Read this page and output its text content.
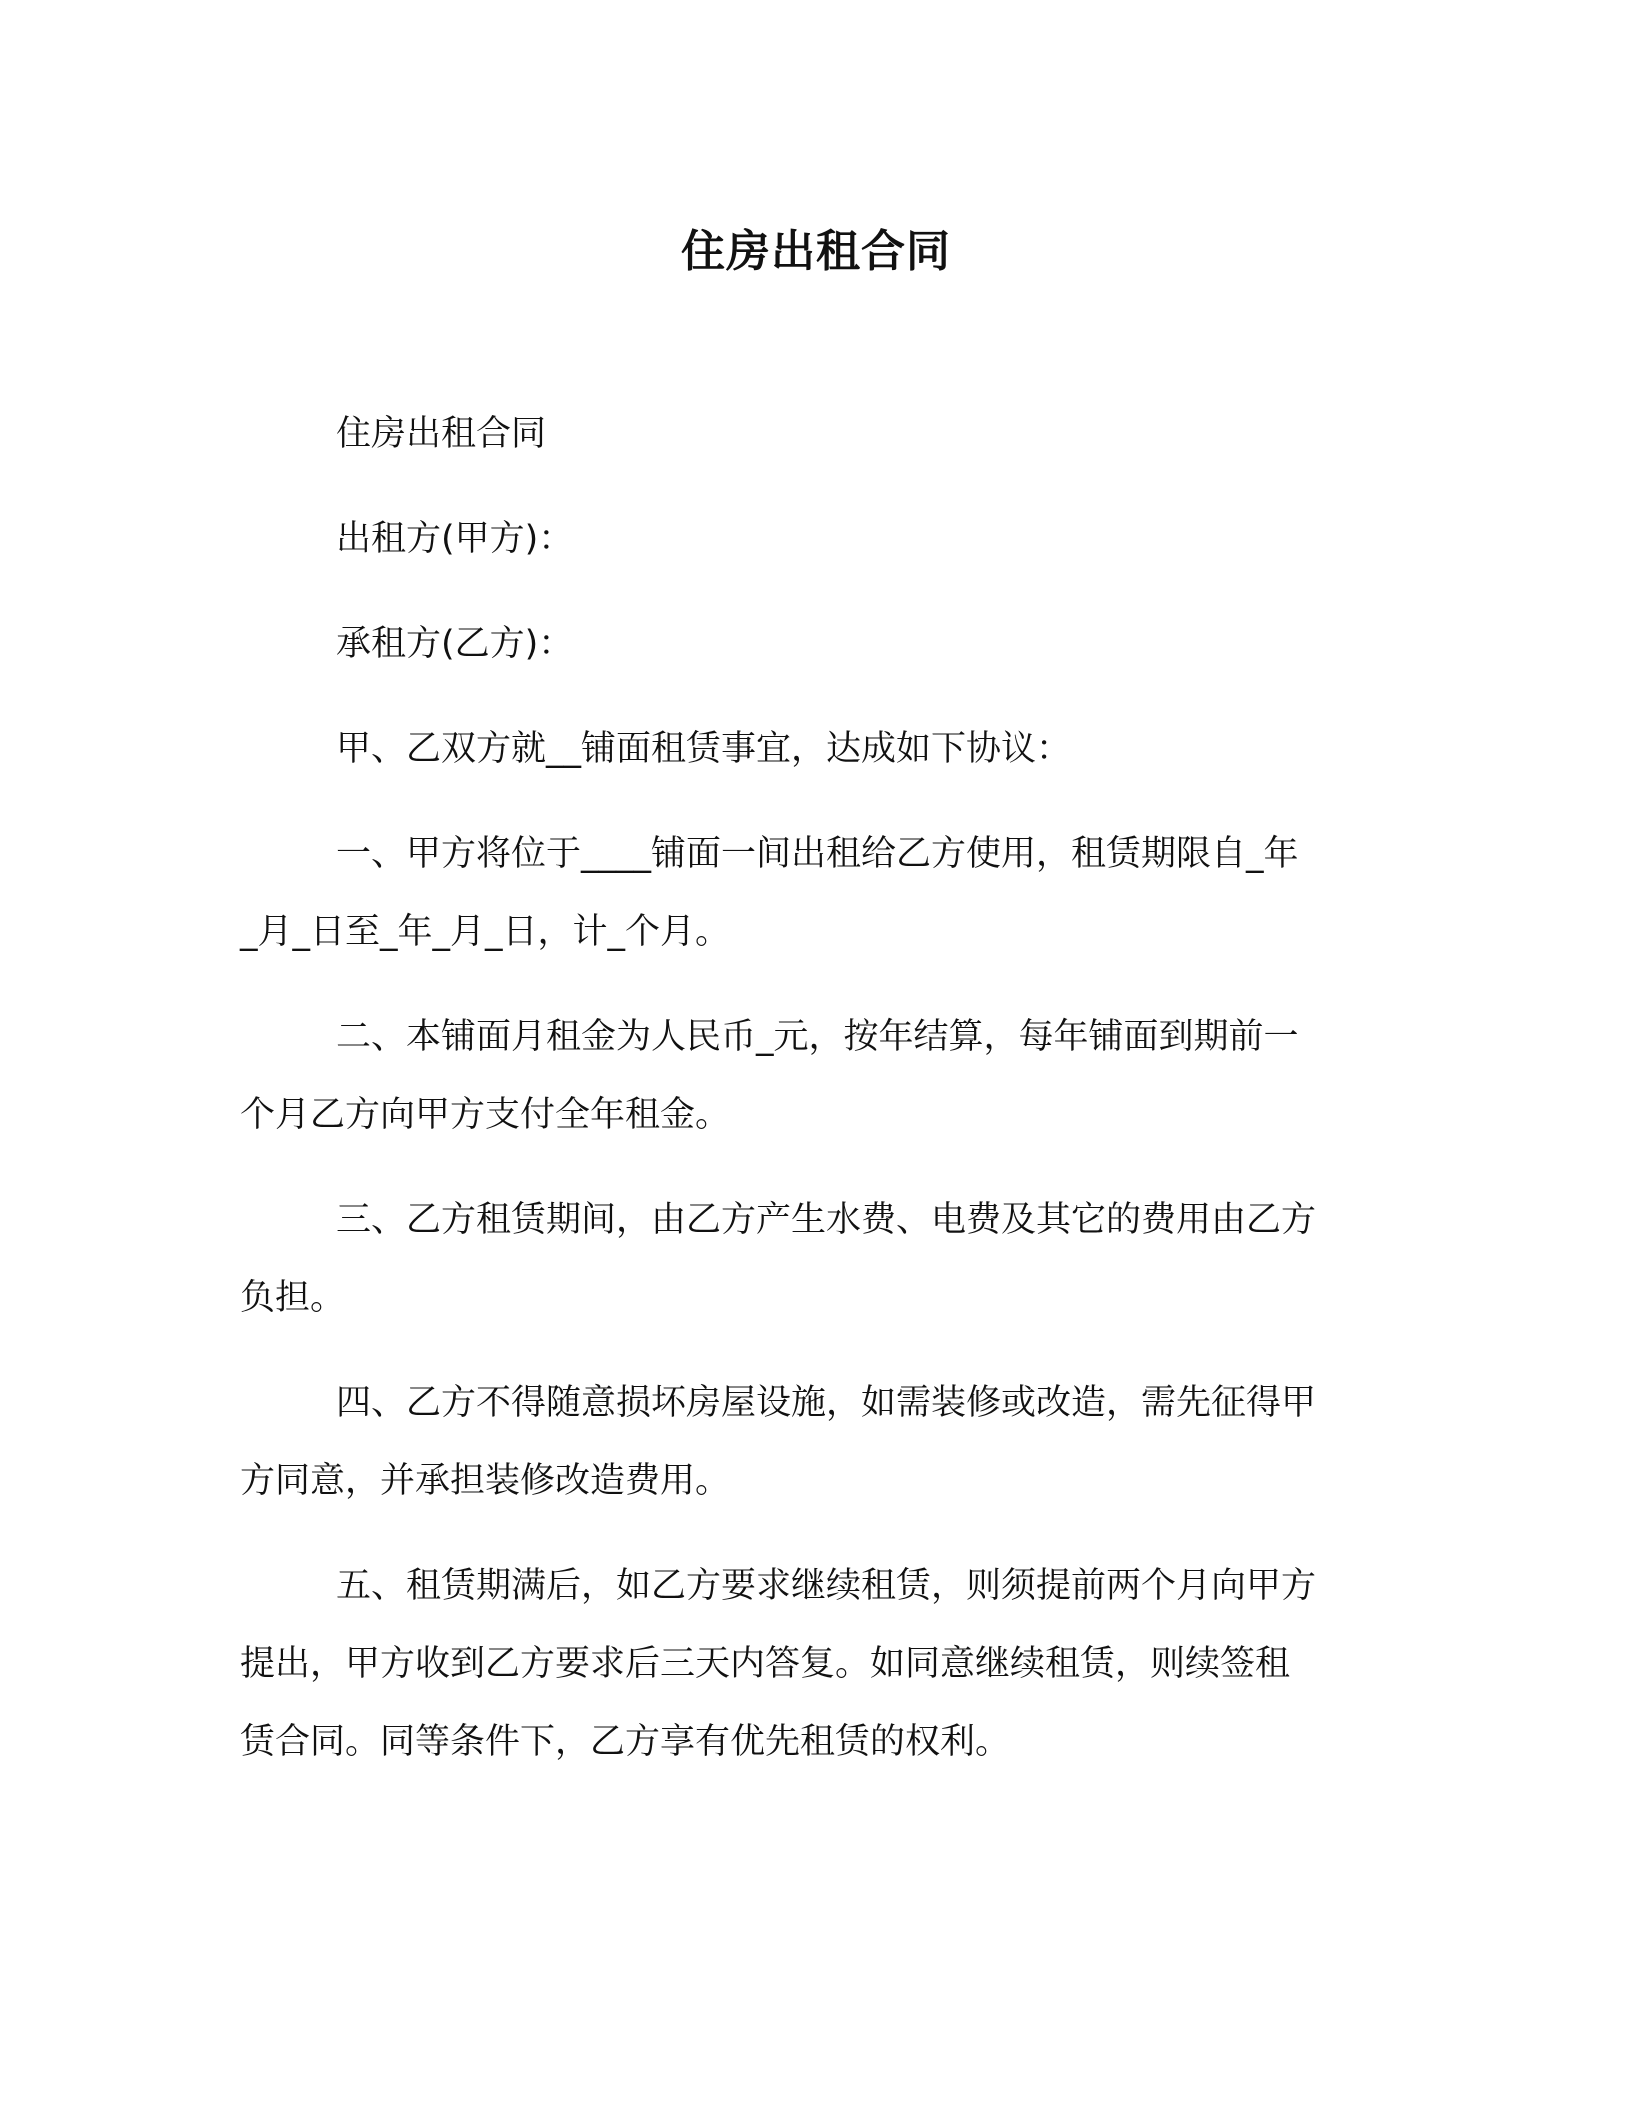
住房出租合同

住房出租合同

出租方(甲方)：

承租方(乙方)：

甲、乙双方就__铺面租赁事宜，达成如下协议：

一、甲方将位于____铺面一间出租给乙方使用，租赁期限自_年
_月_日至_年_月_日，计_个月。

二、本铺面月租金为人民币_元，按年结算，每年铺面到期前一
个月乙方向甲方支付全年租金。

三、乙方租赁期间，由乙方产生水费、电费及其它的费用由乙方
负担。

四、乙方不得随意损坏房屋设施，如需装修或改造，需先征得甲
方同意，并承担装修改造费用。

五、租赁期满后，如乙方要求继续租赁，则须提前两个月向甲方
提出，甲方收到乙方要求后三天内答复。如同意继续租赁，则续签租
赁合同。同等条件下，乙方享有优先租赁的权利。
